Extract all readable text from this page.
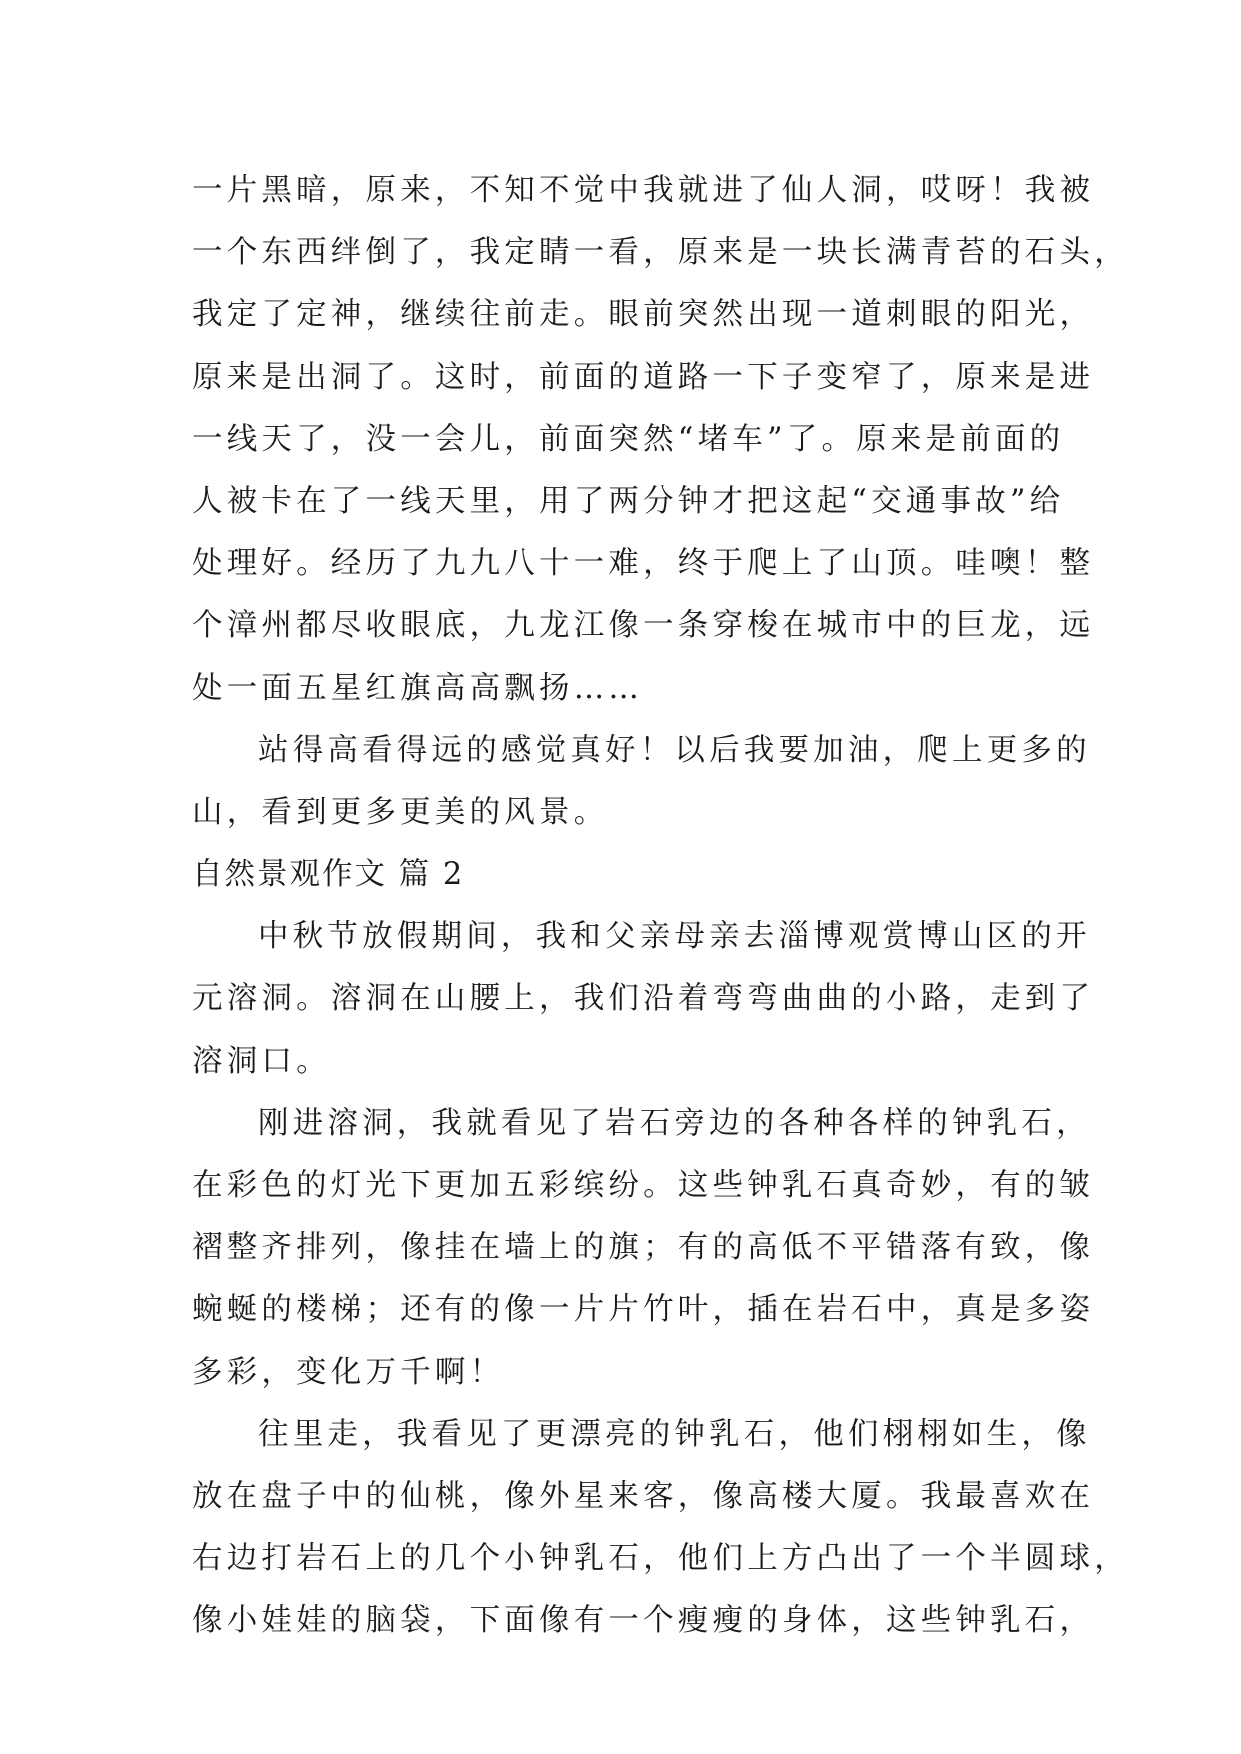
一片黑暗，原来，不知不觉中我就进了仙人洞，哎呀！我被
一个东西绊倒了，我定睛一看，原来是一块长满青苔的石头，
我定了定神，继续往前走。眼前突然出现一道刺眼的阳光，
原来是出洞了。这时，前面的道路一下子变窄了，原来是进
一线天了，没一会儿，前面突然“堵车”了。原来是前面的
人被卡在了一线天里，用了两分钟才把这起“交通事故”给
处理好。经历了九九八十一难，终于爬上了山顶。哇噢！整
个漳州都尽收眼底，九龙江像一条穿梭在城市中的巨龙，远
处一面五星红旗高高飘扬……
站得高看得远的感觉真好！以后我要加油，爬上更多的
山，看到更多更美的风景。
自然景观作文 篇 2
中秋节放假期间，我和父亲母亲去淄博观赏博山区的开
元溶洞。溶洞在山腰上，我们沿着弯弯曲曲的小路，走到了
溶洞口。
刚进溶洞，我就看见了岩石旁边的各种各样的钟乳石，
在彩色的灯光下更加五彩缤纷。这些钟乳石真奇妙，有的皱
褶整齐排列，像挂在墙上的旗；有的高低不平错落有致，像
蜿蜒的楼梯；还有的像一片片竹叶，插在岩石中，真是多姿
多彩，变化万千啊！
往里走，我看见了更漂亮的钟乳石，他们栩栩如生，像
放在盘子中的仙桃，像外星来客，像高楼大厦。我最喜欢在
右边打岩石上的几个小钟乳石，他们上方凸出了一个半圆球，
像小娃娃的脑袋，下面像有一个瘦瘦的身体，这些钟乳石，
